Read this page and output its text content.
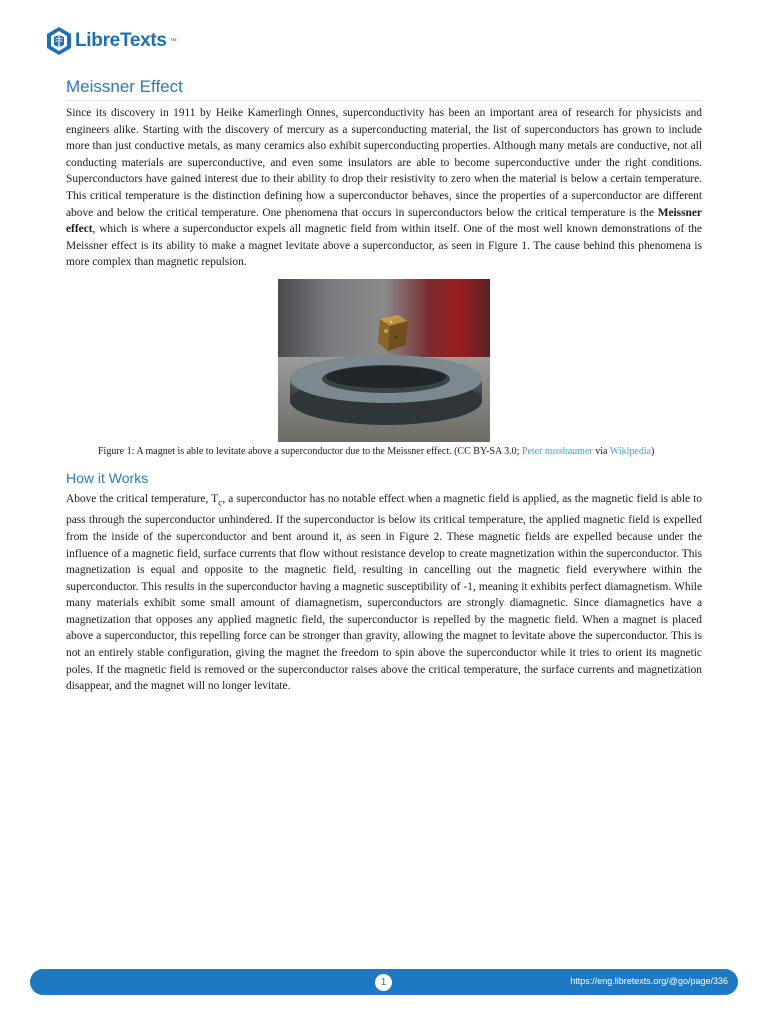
LibreTexts ™
Meissner Effect

Since its discovery in 1911 by Heike Kamerlingh Onnes, superconductivity has been an important area of research for physicists and engineers alike. Starting with the discovery of mercury as a superconducting material, the list of superconductors has grown to include more than just conductive metals, as many ceramics also exhibit superconducting properties. Although many metals are conductive, not all conducting materials are superconductive, and even some insulators are able to become superconductive under the right conditions. Superconductors have gained interest due to their ability to drop their resistivity to zero when the material is below a certain temperature. This critical temperature is the distinction defining how a superconductor behaves, since the properties of a superconductor are different above and below the critical temperature. One phenomena that occurs in superconductors below the critical temperature is the Meissner effect, which is where a superconductor expels all magnetic field from within itself. One of the most well known demonstrations of the Meissner effect is its ability to make a magnet levitate above a superconductor, as seen in Figure 1. The cause behind this phenomena is more complex than magnetic repulsion.

Figure 1: A magnet is able to levitate above a superconductor due to the Meissner effect. (CC BY-SA 3.0; Peter nussbaumer via Wikipedia)
How it Works

Above the critical temperature, $T_c$, a superconductor has no notable effect when a magnetic field is applied, as the magnetic field is able to pass through the superconductor unhindered. If the superconductor is below its critical temperature, the applied magnetic field is expelled from the inside of the superconductor and bent around it, as seen in Figure 2. These magnetic fields are expelled because under the influence of a magnetic field, surface currents that flow without resistance develop to create magnetization within the superconductor. This magnetization is equal and opposite to the magnetic field, resulting in cancelling out the magnetic field everywhere within the superconductor. This results in the superconductor having a magnetic susceptibility of -1, meaning it exhibits perfect diamagnetism. While many materials exhibit some small amount of diamagnetism, superconductors are strongly diamagnetic. Since diamagnetics have a magnetization that opposes any applied magnetic field, the superconductor is repelled by the magnetic field. When a magnet is placed above a superconductor, this repelling force can be stronger than gravity, allowing the magnet to levitate above the superconductor. This is not an entirely stable configuration, giving the magnet the freedom to spin above the superconductor while it tries to orient its magnetic poles. If the magnetic field is removed or the superconductor raises above the critical temperature, the surface currents and magnetization disappear, and the magnet will no longer levitate.

1	https://eng.libretexts.org/@go/page/336
